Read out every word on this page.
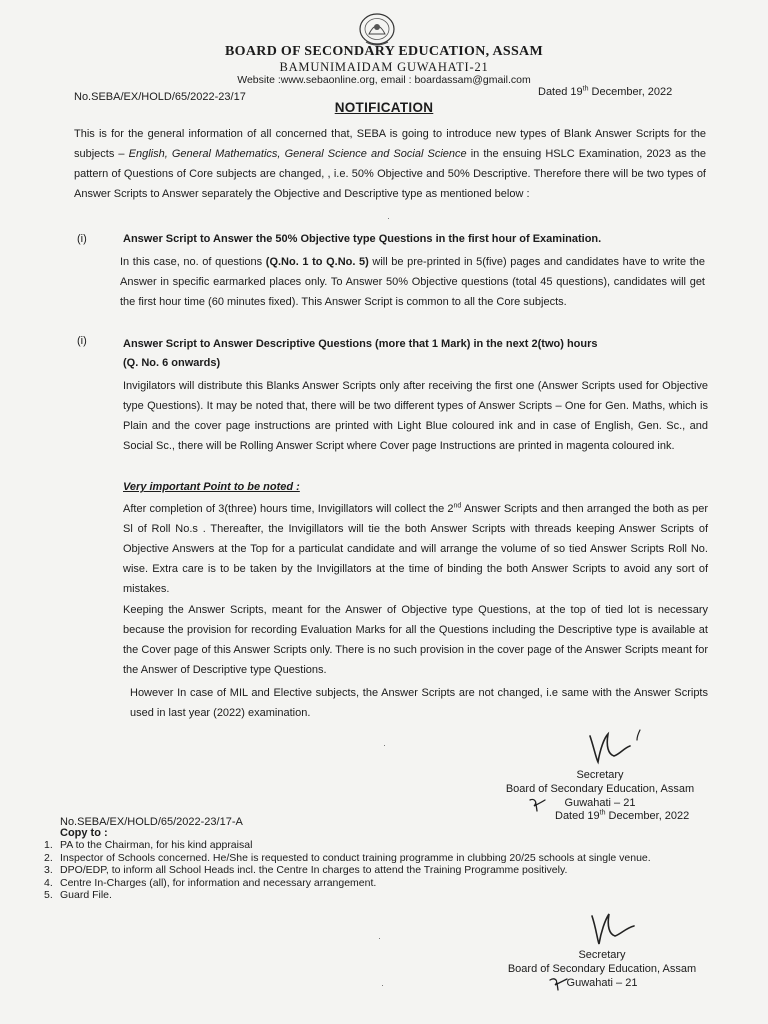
BOARD OF SECONDARY EDUCATION, ASSAM
BAMUNIMAIDAM GUWAHATI-21
Website :www.sebaonline.org, email : boardassam@gmail.com
No.SEBA/EX/HOLD/65/2022-23/17	Dated 19th December, 2022
NOTIFICATION
This is for the general information of all concerned that, SEBA is going to introduce new types of Blank Answer Scripts for the subjects – English, General Mathematics, General Science and Social Science in the ensuing HSLC Examination, 2023 as the pattern of Questions of Core subjects are changed, , i.e. 50% Objective and 50% Descriptive. Therefore there will be two types of Answer Scripts to Answer separately the Objective and Descriptive type as mentioned below :
(i)	Answer Script to Answer the 50% Objective type Questions in the first hour of Examination.
In this case, no. of questions (Q.No. 1 to Q.No. 5) will be pre-printed in 5(five) pages and candidates have to write the Answer in specific earmarked places only. To Answer 50% Objective questions (total 45 questions), candidates will get the first hour time (60 minutes fixed). This Answer Script is common to all the Core subjects.
(i)	Answer Script to Answer Descriptive Questions (more that 1 Mark) in the next 2(two) hours
(Q. No. 6 onwards)
Invigilators will distribute this Blanks Answer Scripts only after receiving the first one (Answer Scripts used for Objective type Questions). It may be noted that, there will be two different types of Answer Scripts – One for Gen. Maths, which is Plain and the cover page instructions are printed with Light Blue coloured ink and in case of English, Gen. Sc., and Social Sc., there will be Rolling Answer Script where Cover page Instructions are printed in magenta coloured ink.
Very important Point to be noted :
After completion of 3(three) hours time, Invigillators will collect the 2nd Answer Scripts and then arranged the both as per Sl of Roll No.s . Thereafter, the Invigillators will tie the both Answer Scripts with threads keeping Answer Scripts of Objective Answers at the Top for a particulat candidate and will arrange the volume of so tied Answer Scripts Roll No. wise. Extra care is to be taken by the Invigillators at the time of binding the both Answer Scripts to avoid any sort of mistakes.
Keeping the Answer Scripts, meant for the Answer of Objective type Questions, at the top of tied lot is necessary because the provision for recording Evaluation Marks for all the Questions including the Descriptive type is available at the Cover page of this Answer Scripts only. There is no such provision in the cover page of the Answer Scripts meant for the Answer of Descriptive type Questions.
However In case of MIL and Elective subjects, the Answer Scripts are not changed, i.e same with the Answer Scripts used in last year (2022) examination.
Secretary
Board of Secondary Education, Assam
Guwahati – 21
Dated 19th December, 2022
No.SEBA/EX/HOLD/65/2022-23/17-A
Copy to :
1. PA to the Chairman, for his kind appraisal
2. Inspector of Schools concerned. He/She is requested to conduct training programme in clubbing 20/25 schools at single venue.
3. DPO/EDP, to inform all School Heads incl. the Centre In charges to attend the Training Programme positively.
4. Centre In-Charges (all), for information and necessary arrangement.
5. Guard File.
Secretary
Board of Secondary Education, Assam
Guwahati – 21
